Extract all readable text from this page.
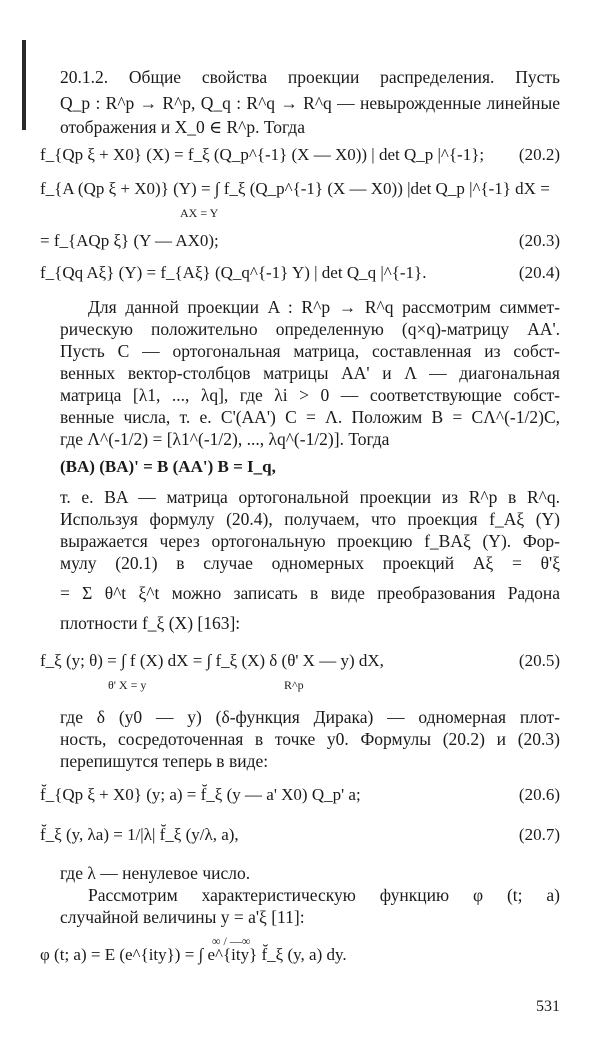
20.1.2. Общие свойства проекции распределения. Пусть
Q_p : R^p → R^p, Q_q : R^q → R^q — невырожденные линейные
отображения и X_0 ∈ R^p. Тогда
f_{Qp ξ + X0} (X) = f_ξ (Q_p^{-1} (X — X0)) | det Q_p |^{-1}; (20.2)
f_{A (Qp ξ + X0)} (Y) = ∫ f_ξ (Q_p^{-1} (X — X0)) |det Q_p |^{-1} dX =
AX = Y
= f_{AQp ξ} (Y — AX0);	(20.3)
f_{Qq Aξ} (Y) = f_{Aξ} (Q_q^{-1} Y) | det Q_q |^{-1}.	(20.4)
Для данной проекции A : R^p → R^q рассмотрим симмет-
рическую положительно определенную (q×q)-матрицу AA'.
Пусть C — ортогональная матрица, составленная из собст-
венных вектор-столбцов матрицы AA' и Λ — диагональная
матрица [λ1, ..., λq], где λi > 0 — соответствующие собст-
венные числа, т. е. C'(AA') C = Λ. Положим B = CΛ^(-1/2)C,
где Λ^(-1/2) = [λ1^(-1/2), ..., λq^(-1/2)]. Тогда
(BA) (BA)' = B (AA') B = I_q,
т. е. BA — матрица ортогональной проекции из R^p в R^q.
Используя формулу (20.4), получаем, что проекция f_Aξ (Y)
выражается через ортогональную проекцию f_BAξ (Y). Фор-
мулу (20.1) в случае одномерных проекций Aξ = θ'ξ
= Σ θ^t ξ^t можно записать в виде преобразования Радона
плотности f_ξ (X) [163]:
f_ξ (y; θ) = ∫ f (X) dX = ∫ f_ξ (X) δ (θ' X — y) dX,
θ' X = y	R^p
(20.5)
где δ (y0 — y) (δ-функция Дирака) — одномерная плот-
ность, сосредоточенная в точке y0. Формулы (20.2) и (20.3)
перепишутся теперь в виде:
f̆_{Qp ξ + X0} (y; a) = f̆_ξ (y — a' X0) Q_p' a;	(20.6)
f̆_ξ (y, λa) = 1/|λ| f̆_ξ (y/λ, a),	(20.7)
где λ — ненулевое число.
Рассмотрим характеристическую функцию φ (t; a)
случайной величины y = a'ξ [11]:
φ (t; a) = E (e^{ity}) = ∫ e^{ity} f̆_ξ (y, a) dy.
∞ / —∞
531
